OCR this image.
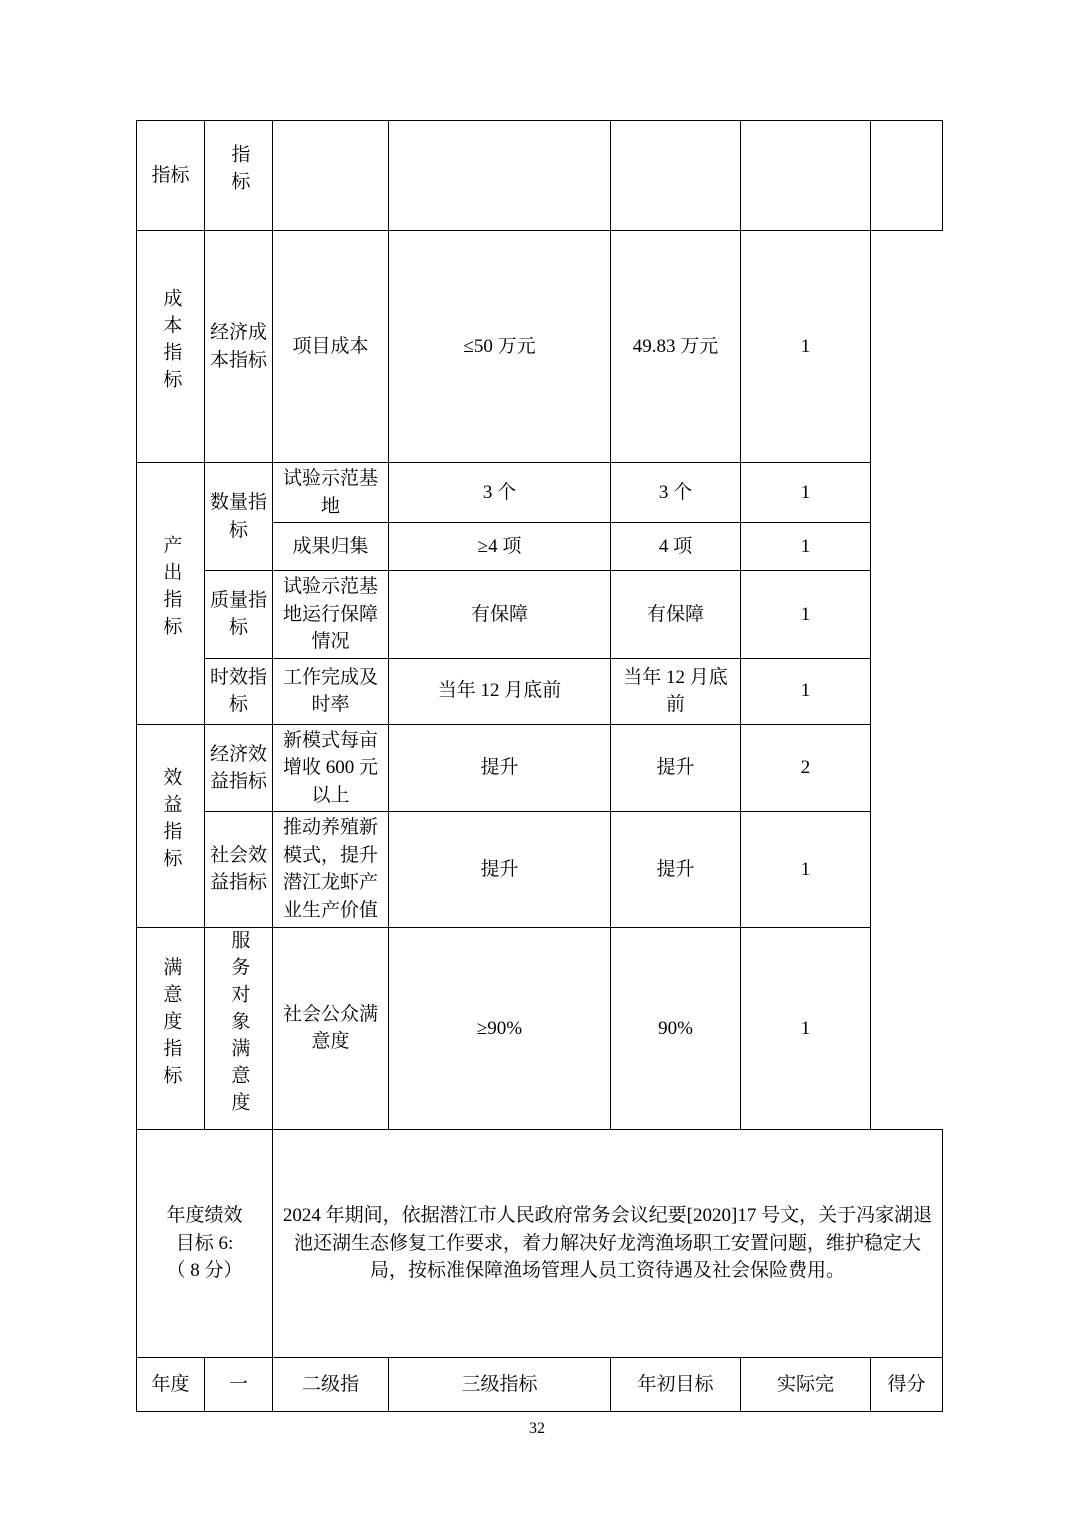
指标	指标					
成本指标	经济成本指标	项目成本	≤50 万元	49.83 万元	1	
产出指标	数量指标	试验示范基地	3 个	3 个	1	
		成果归集	≥4 项	4 项	1	
	质量指标	试验示范基地运行保障情况	有保障	有保障	1	
	时效指标	工作完成及时率	当年 12 月底前	当年 12 月底前	1	
效益指标	经济效益指标	新模式每亩增收 600 元以上	提升	提升	2	
	社会效益指标	推动养殖新模式，提升潜江龙虾产业生产价值	提升	提升	1	
满意度指标	服务对象满意度	社会公众满意度	≥90%	90%	1	

年度绩效
目标 6:
（ 8 分）		2024 年期间，依据潜江市人民政府常务会议纪要[2020]17 号文，关于冯家湖退池还湖生态修复工作要求，着力解决好龙湾渔场职工安置问题，维护稳定大局，按标准保障渔场管理人员工资待遇及社会保险费用。				
年度	一	二级指	三级指标	年初目标	实际完	得分
32
